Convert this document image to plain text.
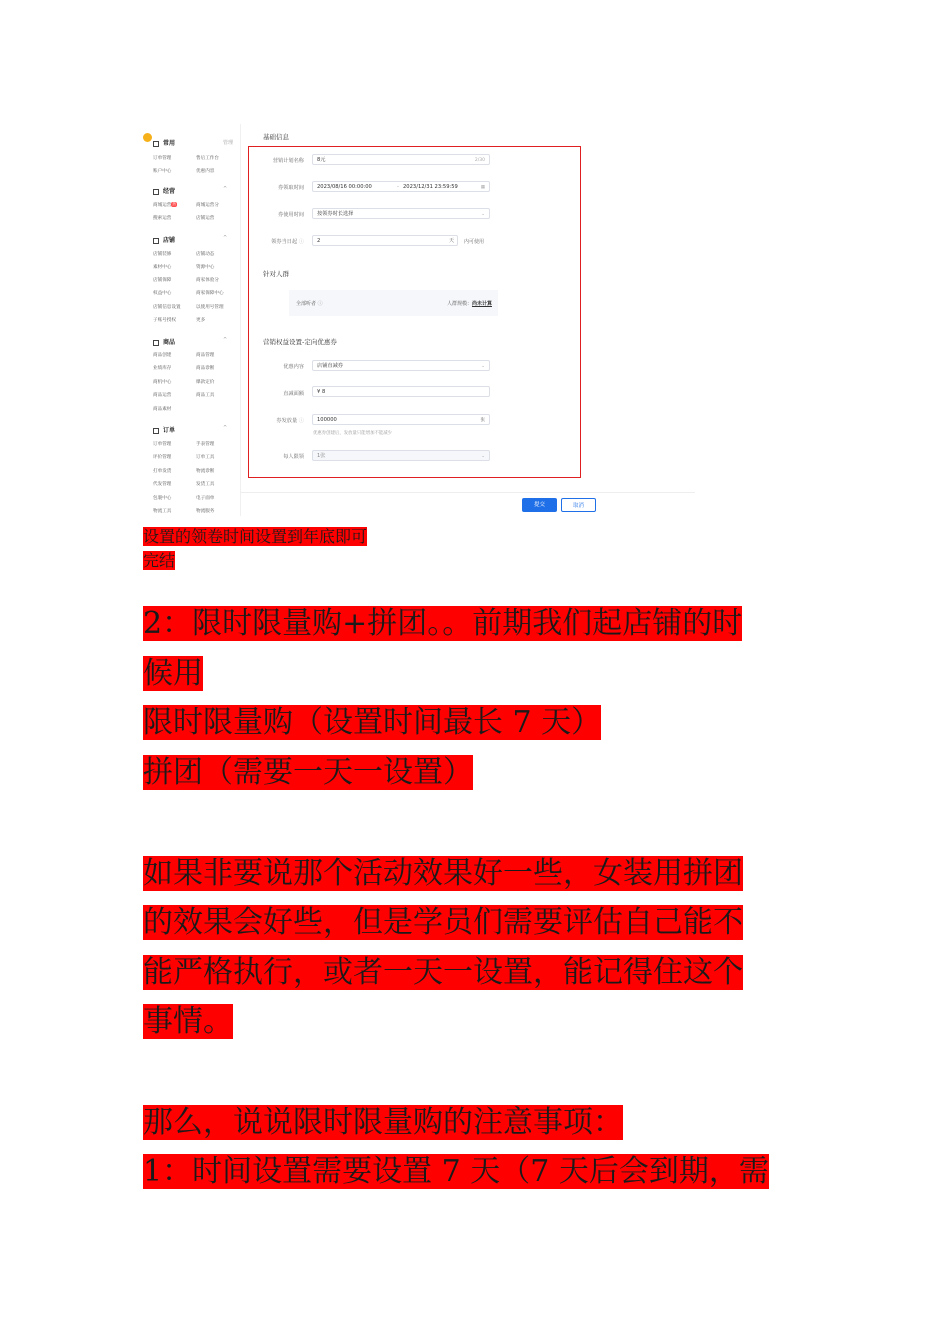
常用	管理
订单管理	售后工作台
账户中心	优惠内容
经营	^
商城运营热	商城运营分
搜索运营	店铺运营
店铺	^
店铺装修	店铺动态
素材中心	资源中心
店铺保障	商家体验分
权益中心	商家保障中心
店铺信息设置	以使用号管理
子账号授权	更多
商品	^
商品创建	商品管理
业绩库存	商品诊断
商机中心	爆款定价
商品运营	商品工具
商品素材
订单	^
订单管理	手表管理
评价管理	订单工具
打单发货	物流诊断
代发管理	发货工具
包裹中心	电子面单
物流工具	物流服务
基础信息
营销计划名称	8元	2/30
券领取时间	2023/08/16 00:00:00	- 2023/12/31 23:59:59	▦
券使用时间	按领券时长选择	⌄
领券当日起 ⓘ	2	天 内可使用
针对人群
全部听者 ⓘ	人群规模：尚未计算
营销权益设置-定向优惠券
优惠内容	店铺直减券	⌄
直减面额	¥ 8
券发放量 ⓘ	100000	张
优惠券创建后，发放量只能增加不能减少
每人限领	1张	⌄
提交	取消
设置的领卷时间设置到年底即可
完结
2：限时限量购+拼团。。前期我们起店铺的时
候用
限时限量购（设置时间最长 7 天）
拼团（需要一天一设置）
如果非要说那个活动效果好一些，女装用拼团
的效果会好些，但是学员们需要评估自己能不
能严格执行，或者一天一设置，能记得住这个
事情。
那么，说说限时限量购的注意事项：
1：时间设置需要设置 7 天（7 天后会到期，需
